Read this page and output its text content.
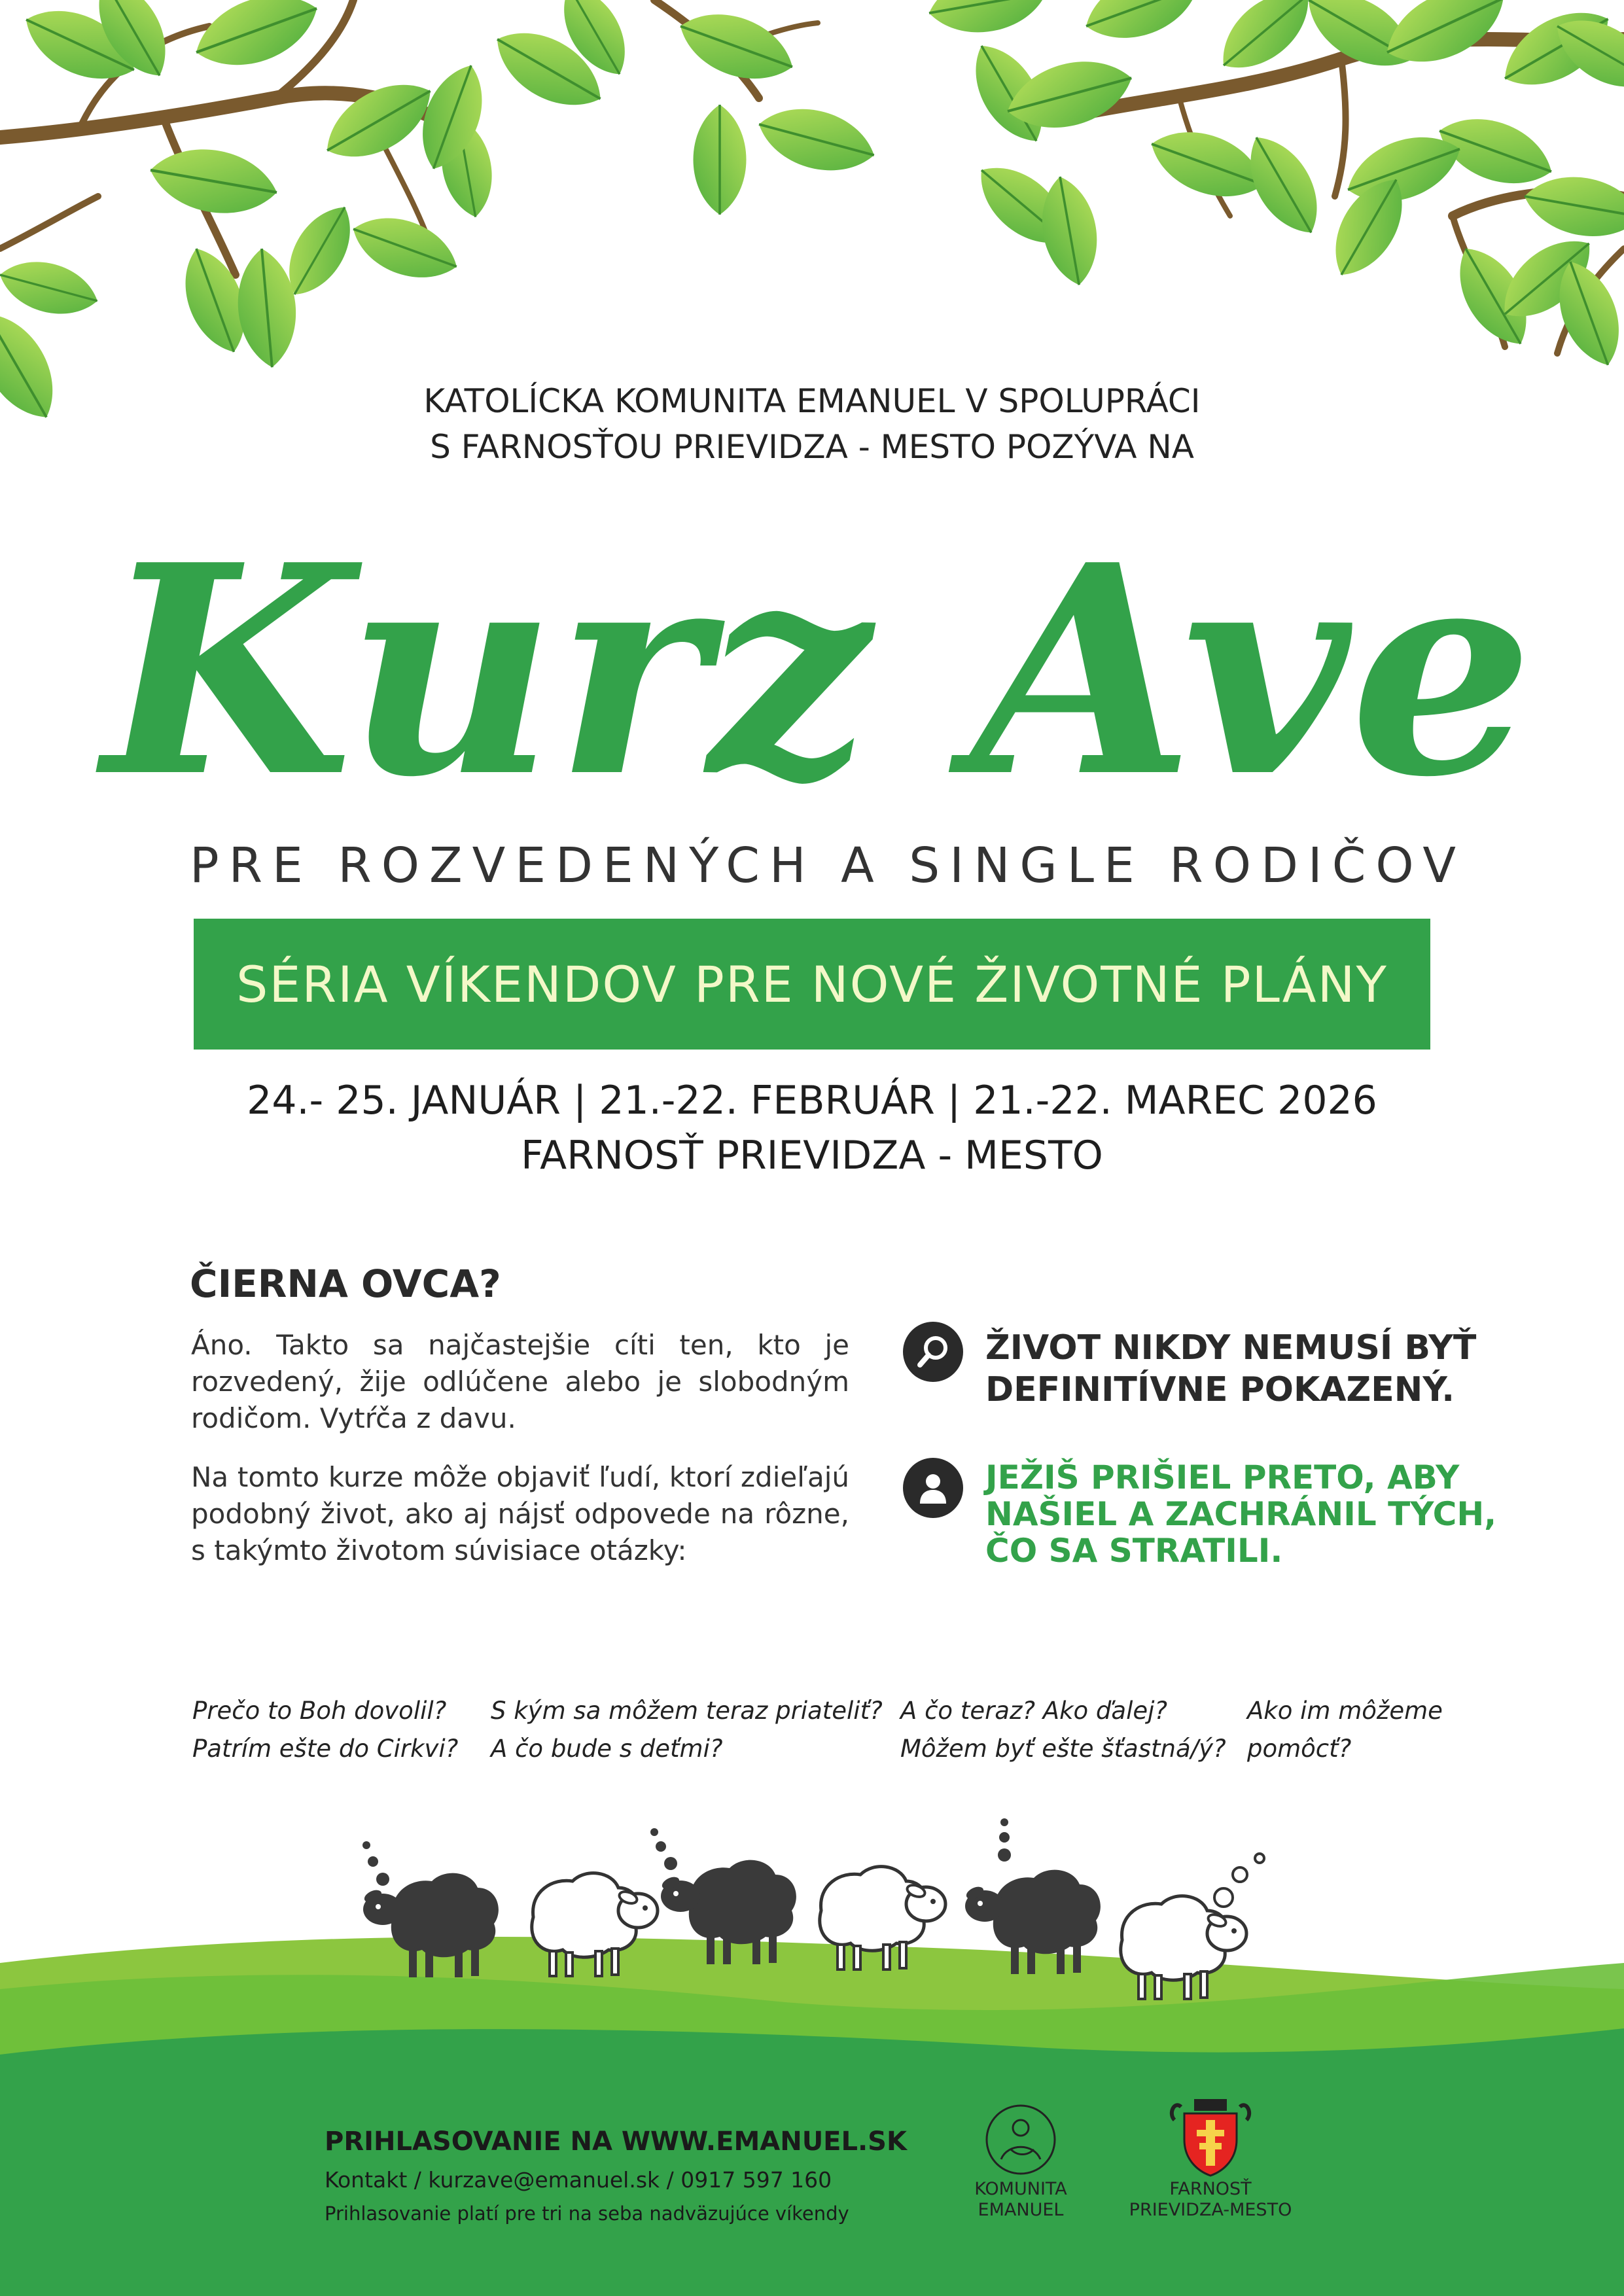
KATOLÍCKA KOMUNITA EMANUEL V SPOLUPRÁCI
S FARNOSŤOU PRIEVIDZA - MESTO POZÝVA NA
Kurz Ave
PRE ROZVEDENÝCH A SINGLE RODIČOV
SÉRIA VÍKENDOV PRE NOVÉ ŽIVOTNÉ PLÁNY
24.- 25. JANUÁR | 21.-22. FEBRUÁR | 21.-22. MAREC 2026
FARNOSŤ PRIEVIDZA - MESTO
ČIERNA OVCA?
Áno. Takto sa najčastejšie cíti ten, kto je rozvedený, žije odlúčene alebo je slobodným rodičom. Vytŕča z davu.
Na tomto kurze môže objaviť ľudí, ktorí zdieľajú podobný život, ako aj nájsť odpovede na rôzne, s takýmto životom súvisiace otázky:
ŽIVOT NIKDY NEMUSÍ BYŤ
DEFINITÍVNE POKAZENÝ.
JEŽIŠ PRIŠIEL PRETO, ABY
NAŠIEL A ZACHRÁNIL TÝCH,
ČO SA STRATILI.
Prečo to Boh dovolil?
Patrím ešte do Cirkvi?
S kým sa môžem teraz priateliť?
A čo bude s deťmi?
A čo teraz? Ako ďalej?
Môžem byť ešte šťastná/ý?
Ako im môžeme
pomôcť?
PRIHLASOVANIE NA WWW.EMANUEL.SK
Kontakt / kurzave@emanuel.sk / 0917 597 160
Prihlasovanie platí pre tri na seba nadväzujúce víkendy
KOMUNITA
EMANUEL
FARNOSŤ
PRIEVIDZA-MESTO
